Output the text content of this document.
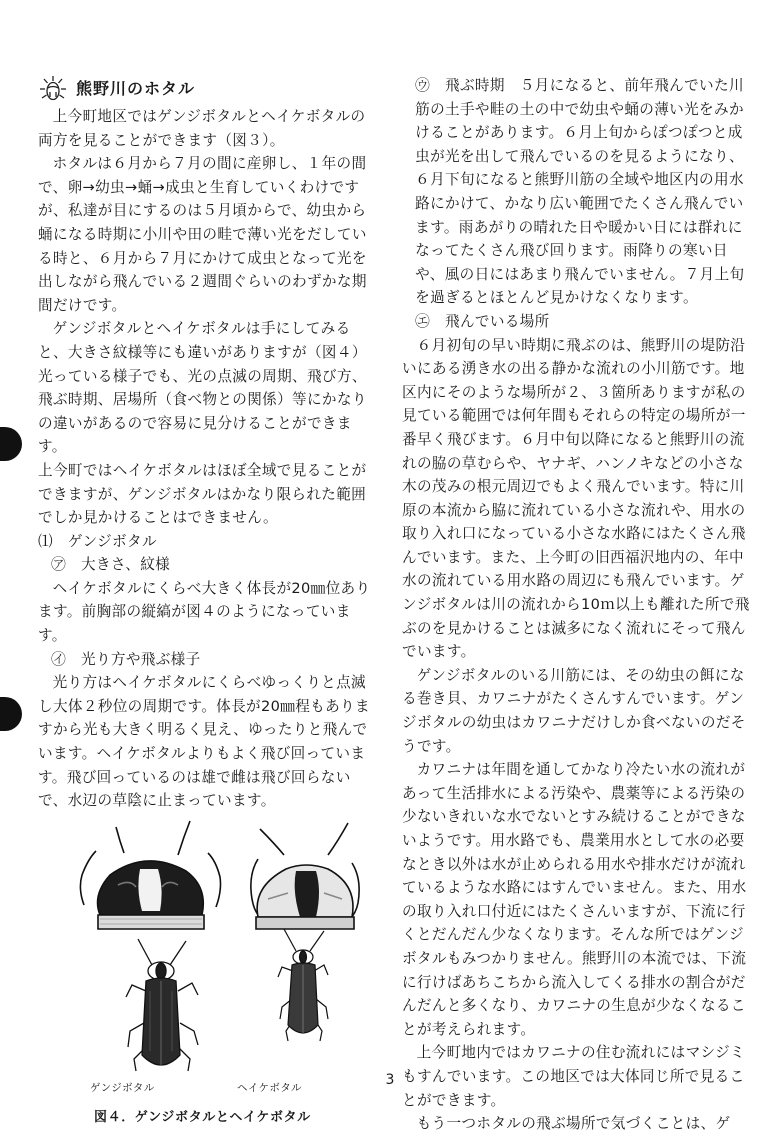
熊野川のホタル

上今町地区ではゲンジボタルとヘイケボタルの両方を見ることができます（図３）。

ホタルは６月から７月の間に産卵し、１年の間で、卵→幼虫→蛹→成虫と生育していくわけですが、私達が目にするのは５月頃からで、幼虫から蛹になる時期に小川や田の畦で薄い光をだしている時と、６月から７月にかけて成虫となって光を出しながら飛んでいる２週間ぐらいのわずかな期間だけです。

ゲンジボタルとヘイケボタルは手にしてみると、大きさ紋様等にも違いがありますが（図４）光っている様子でも、光の点滅の周期、飛び方、飛ぶ時期、居場所（食べ物との関係）等にかなりの違いがあるので容易に見分けることができます。

上今町ではヘイケボタルはほぼ全域で見ることができますが、ゲンジボタルはかなり限られた範囲でしか見かけることはできません。

⑴　ゲンジボタル

㋐　大きさ、紋様

ヘイケボタルにくらべ大きく体長が20㎜位あります。前胸部の縦縞が図４のようになっています。

㋑　光り方や飛ぶ様子

光り方はヘイケボタルにくらべゆっくりと点滅し大体２秒位の周期です。体長が20㎜程もありますから光も大きく明るく見え、ゆったりと飛んでいます。ヘイケボタルよりもよく飛び回っています。飛び回っているのは雄で雌は飛び回らないで、水辺の草陰に止まっています。

ゲンジボタル	ヘイケボタル
図４．ゲンジボタルとヘイケボタル

㋒　飛ぶ時期　５月になると、前年飛んでいた川筋の土手や畦の土の中で幼虫や蛹の薄い光をみかけることがあります。６月上旬からぽつぽつと成虫が光を出して飛んでいるのを見るようになり、６月下旬になると熊野川筋の全域や地区内の用水路にかけて、かなり広い範囲でたくさん飛んでいます。雨あがりの晴れた日や暖かい日には群れになってたくさん飛び回ります。雨降りの寒い日や、風の日にはあまり飛んでいません。７月上旬を過ぎるとほとんど見かけなくなります。

㋓　飛んでいる場所

６月初旬の早い時期に飛ぶのは、熊野川の堤防沿いにある湧き水の出る静かな流れの小川筋です。地区内にそのような場所が２、３箇所ありますが私の見ている範囲では何年間もそれらの特定の場所が一番早く飛びます。６月中旬以降になると熊野川の流れの脇の草むらや、ヤナギ、ハンノキなどの小さな木の茂みの根元周辺でもよく飛んでいます。特に川原の本流から脇に流れている小さな流れや、用水の取り入れ口になっている小さな水路にはたくさん飛んでいます。また、上今町の旧西福沢地内の、年中水の流れている用水路の周辺にも飛んでいます。ゲンジボタルは川の流れから10ｍ以上も離れた所で飛ぶのを見かけることは滅多になく流れにそって飛んでいます。

ゲンジボタルのいる川筋には、その幼虫の餌になる巻き貝、カワニナがたくさんすんでいます。ゲンジボタルの幼虫はカワニナだけしか食べないのだそうです。

カワニナは年間を通してかなり冷たい水の流れがあって生活排水による汚染や、農薬等による汚染の少ないきれいな水でないとすみ続けることができないようです。用水路でも、農業用水として水の必要なとき以外は水が止められる用水や排水だけが流れているような水路にはすんでいません。また、用水の取り入れ口付近にはたくさんいますが、下流に行くとだんだん少なくなります。そんな所ではゲンジボタルもみつかりません。熊野川の本流では、下流に行けばあちこちから流入してくる排水の割合がだんだんと多くなり、カワニナの生息が少なくなることが考えられます。

上今町地内ではカワニナの住む流れにはマシジミもすんでいます。この地区では大体同じ所で見ることができます。

もう一つホタルの飛ぶ場所で気づくことは、ゲ

3
